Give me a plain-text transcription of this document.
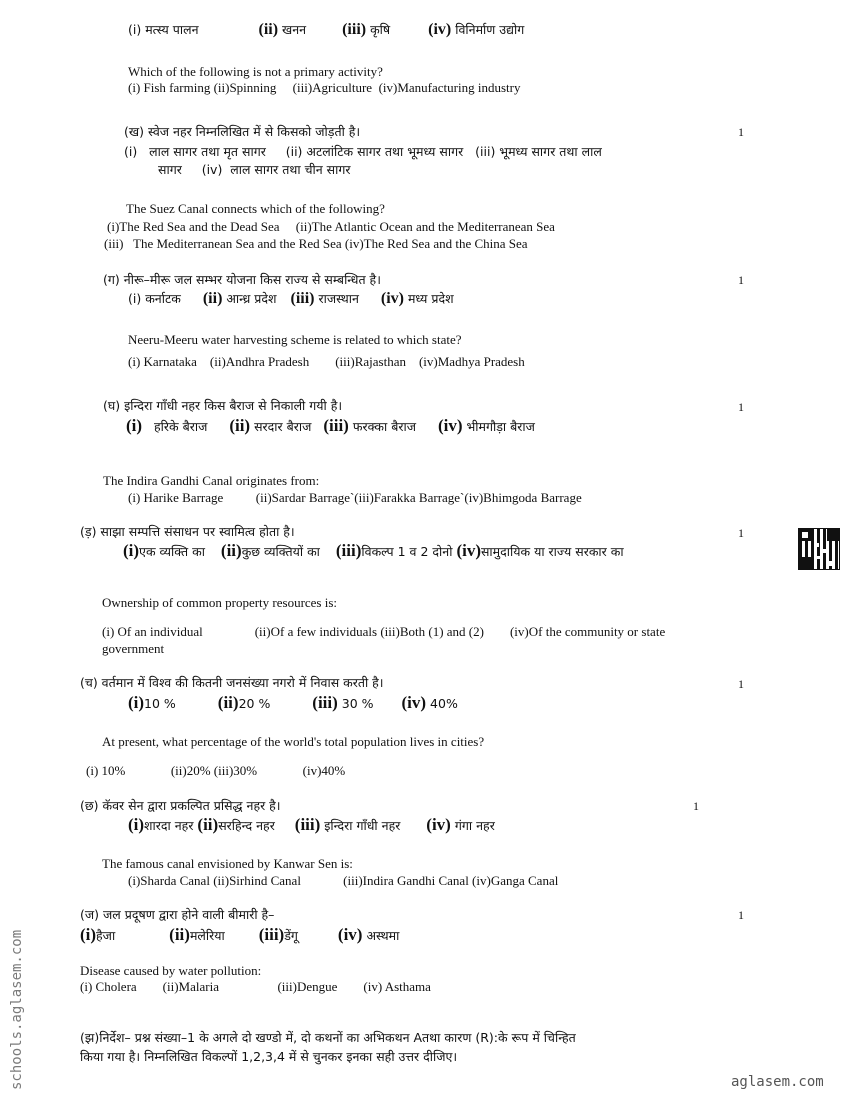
(i) मत्स्य पालन	(ii) खनन (iii) कृषि (iv) विनिर्माण उद्योग
Which of the following is not a primary activity?
(i) Fish farming (ii)Spinning     (iii)Agriculture  (iv)Manufacturing industry
(ख) स्वेज नहर निम्नलिखित में से किसको जोड़ती है।	1
(i)   लाल सागर तथा मृत सागर     (ii) अटलांटिक सागर तथा भूमध्य सागर   (iii) भूमध्य सागर तथा लाल
सागर     (iv)  लाल सागर तथा चीन सागर
The Suez Canal connects which of the following?
(i)The Red Sea and the Dead Sea     (ii)The Atlantic Ocean and the Mediterranean Sea
(iii)   The Mediterranean Sea and the Red Sea (iv)The Red Sea and the China Sea
(ग) नीरू–मीरू जल सम्भर योजना किस राज्य से सम्बन्धित है।	1
(i) कर्नाटक (ii) आन्ध्र प्रदेश (iii) राजस्थान (iv) मध्य प्रदेश
Neeru-Meeru water harvesting scheme is related to which state?
(i) Karnataka    (ii)Andhra Pradesh        (iii)Rajasthan    (iv)Madhya Pradesh
(घ) इन्दिरा गाँधी नहर किस बैराज से निकाली गयी है।	1
(i) हरिके बैराज (ii) सरदार बैराज (iii) फरक्का बैराज (iv) भीमगौड़ा बैराज
The Indira Gandhi Canal originates from:
(i) Harike Barrage          (ii)Sardar Barrage`(iii)Farakka Barrage`(iv)Bhimgoda Barrage
(ड़) साझा सम्पत्ति संसाधन पर स्वामित्व होता है।	1
(i)एक व्यक्ति का (ii)कुछ व्यक्तियों का (iii)विकल्प 1 व 2 दोनो (iv)सामुदायिक या राज्य सरकार का
Ownership of common property resources is:
(i) Of an individual                (ii)Of a few individuals (iii)Both (1) and (2)        (iv)Of the community or state
government
(च) वर्तमान में विश्व की कितनी जनसंख्या नगरो में निवास करती है।	1
(i)10 % (ii)20 % (iii) 30 % (iv) 40%
At present, what percentage of the world's total population lives in cities?
(i) 10%              (ii)20% (iii)30%              (iv)40%
(छ) कॅवर सेन द्वारा प्रकल्पित प्रसिद्ध नहर है।	1
(i)शारदा नहर (ii)सरहिन्द नहर (iii) इन्दिरा गाँधी नहर (iv) गंगा नहर
The famous canal envisioned by Kanwar Sen is:
(i)Sharda Canal (ii)Sirhind Canal             (iii)Indira Gandhi Canal (iv)Ganga Canal
(ज) जल प्रदूषण द्वारा होने वाली बीमारी है–	1
(i)हैजा	(ii)मलेरिया (iii)डेंगू (iv) अस्थमा
Disease caused by water pollution:
(i) Cholera        (ii)Malaria                  (iii)Dengue        (iv) Asthama
(झ)निर्देश– प्रश्न संख्या–1 के अगले दो खण्डो में, दो कथनों का अभिकथन Aतथा कारण (R):के रूप में चिन्हित
किया गया है। निम्नलिखित विकल्पों 1,2,3,4 में से चुनकर इनका सही उत्तर दीजिए।
schools.aglasem.com	aglasem.com
